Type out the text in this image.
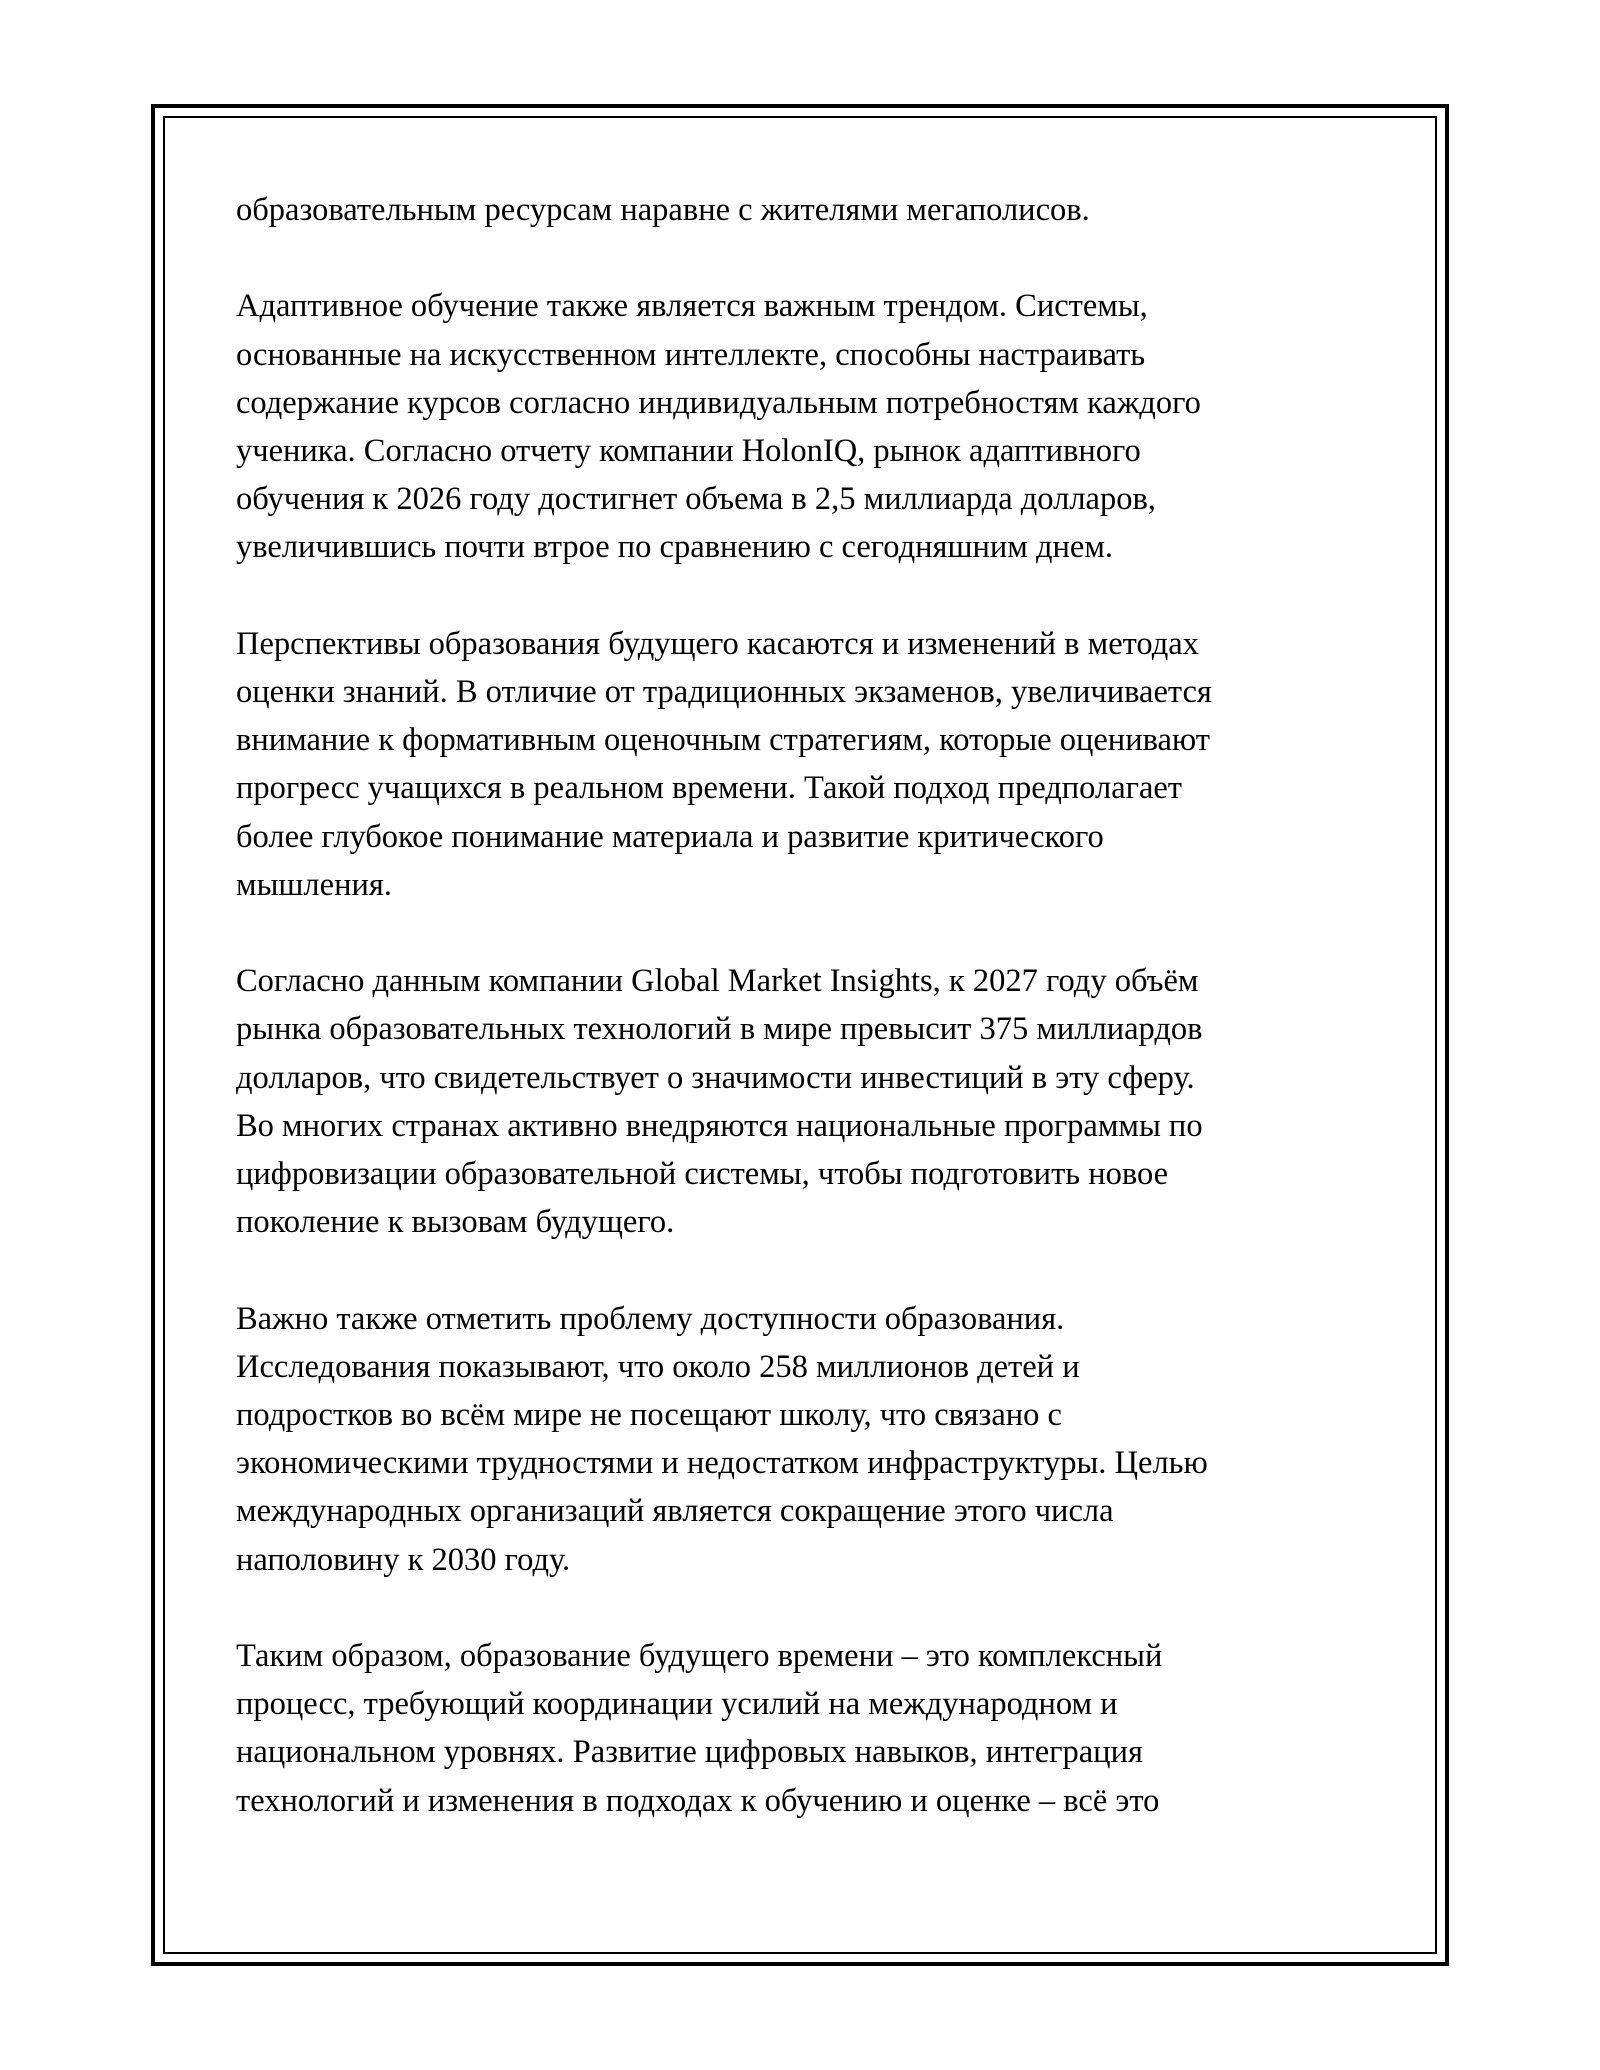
образовательным ресурсам наравне с жителями мегаполисов.

Адаптивное обучение также является важным трендом. Системы,
основанные на искусственном интеллекте, способны настраивать
содержание курсов согласно индивидуальным потребностям каждого
ученика. Согласно отчету компании HolonIQ, рынок адаптивного
обучения к 2026 году достигнет объема в 2,5 миллиарда долларов,
увеличившись почти втрое по сравнению с сегодняшним днем.

Перспективы образования будущего касаются и изменений в методах
оценки знаний. В отличие от традиционных экзаменов, увеличивается
внимание к формативным оценочным стратегиям, которые оценивают
прогресс учащихся в реальном времени. Такой подход предполагает
более глубокое понимание материала и развитие критического
мышления.

Согласно данным компании Global Market Insights, к 2027 году объём
рынка образовательных технологий в мире превысит 375 миллиардов
долларов, что свидетельствует о значимости инвестиций в эту сферу.
Во многих странах активно внедряются национальные программы по
цифровизации образовательной системы, чтобы подготовить новое
поколение к вызовам будущего.

Важно также отметить проблему доступности образования.
Исследования показывают, что около 258 миллионов детей и
подростков во всём мире не посещают школу, что связано с
экономическими трудностями и недостатком инфраструктуры. Целью
международных организаций является сокращение этого числа
наполовину к 2030 году.

Таким образом, образование будущего времени – это комплексный
процесс, требующий координации усилий на международном и
национальном уровнях. Развитие цифровых навыков, интеграция
технологий и изменения в подходах к обучению и оценке – всё это
